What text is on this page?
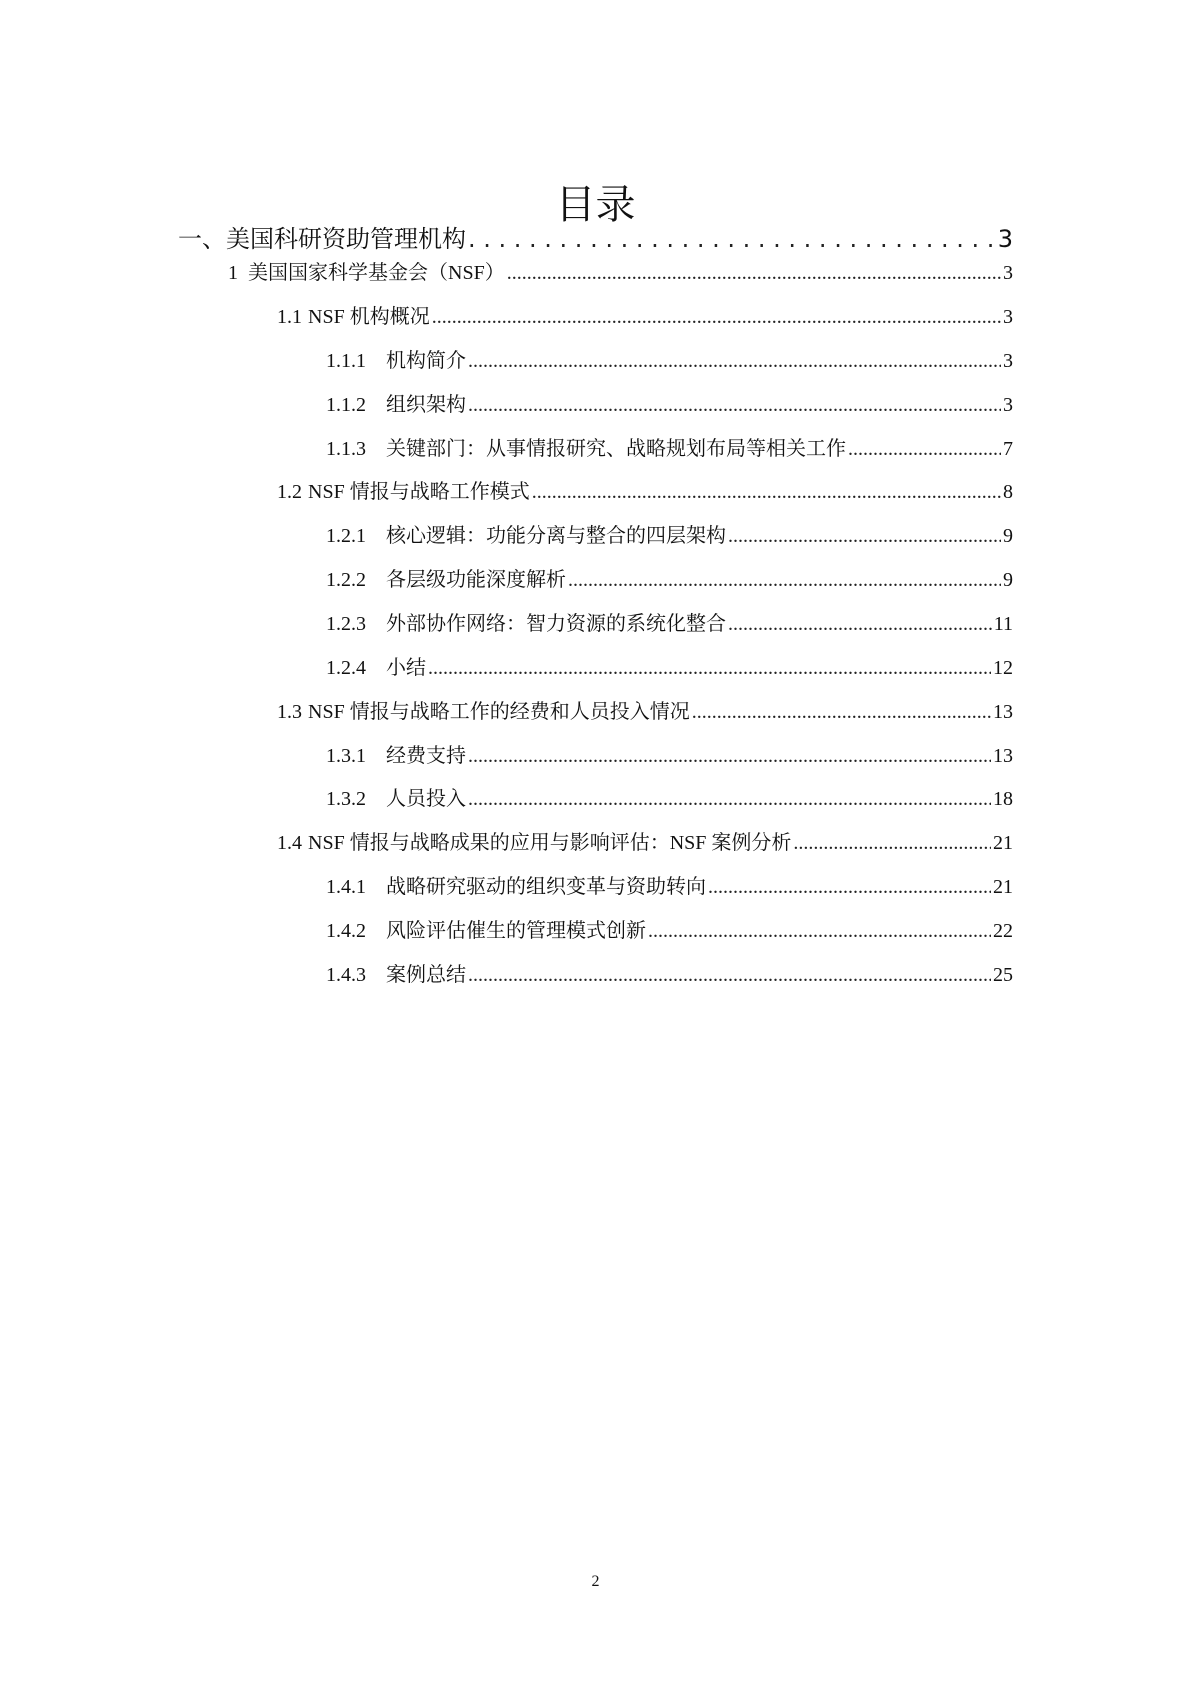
目录
一、美国科研资助管理机构 . . .	3
1 美国国家科学基金会（NSF） .....	3
1.1 NSF 机构概况 .....	3
1.1.1	机构简介 .....	3
1.1.2	组织架构 .....	3
1.1.3	关键部门：从事情报研究、战略规划布局等相关工作 .....	7
1.2 NSF 情报与战略工作模式 .....	8
1.2.1	核心逻辑：功能分离与整合的四层架构 .....	9
1.2.2	各层级功能深度解析 .....	9
1.2.3	外部协作网络：智力资源的系统化整合 .....	11
1.2.4	小结 .....	12
1.3 NSF 情报与战略工作的经费和人员投入情况 .....	13
1.3.1	经费支持 .....	13
1.3.2	人员投入 .....	18
1.4 NSF 情报与战略成果的应用与影响评估：NSF 案例分析 .....	21
1.4.1	战略研究驱动的组织变革与资助转向 .....	21
1.4.2	风险评估催生的管理模式创新 .....	22
1.4.3	案例总结 .....	25
2
